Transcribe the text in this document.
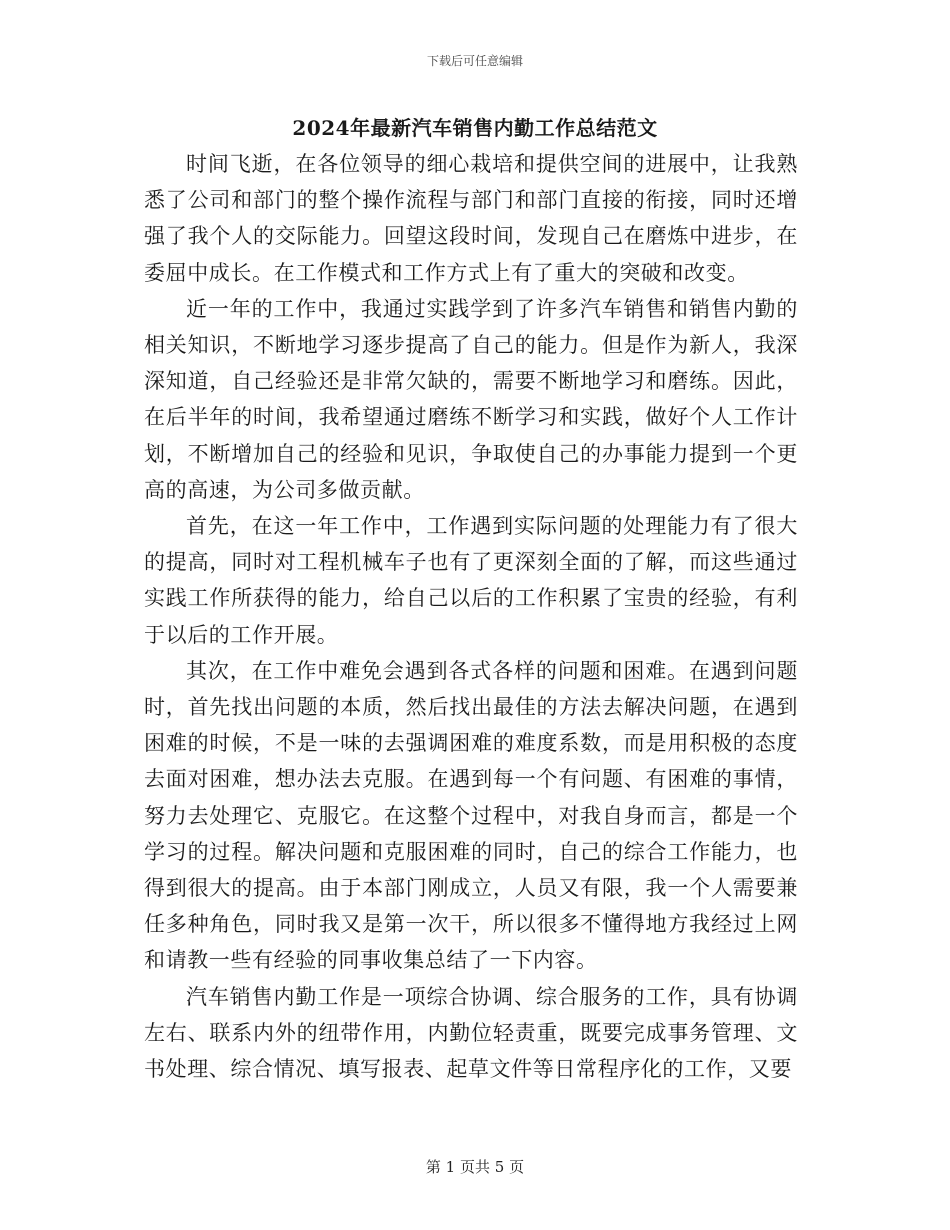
下载后可任意编辑
2024年最新汽车销售内勤工作总结范文

时间飞逝，在各位领导的细心栽培和提供空间的进展中，让我熟悉了公司和部门的整个操作流程与部门和部门直接的衔接，同时还增强了我个人的交际能力。回望这段时间，发现自己在磨炼中进步，在委屈中成长。在工作模式和工作方式上有了重大的突破和改变。

近一年的工作中，我通过实践学到了许多汽车销售和销售内勤的相关知识，不断地学习逐步提高了自己的能力。但是作为新人，我深深知道，自己经验还是非常欠缺的，需要不断地学习和磨练。因此，在后半年的时间，我希望通过磨练不断学习和实践，做好个人工作计划，不断增加自己的经验和见识，争取使自己的办事能力提到一个更高的高速，为公司多做贡献。

首先，在这一年工作中，工作遇到实际问题的处理能力有了很大的提高，同时对工程机械车子也有了更深刻全面的了解，而这些通过实践工作所获得的能力，给自己以后的工作积累了宝贵的经验，有利于以后的工作开展。

其次，在工作中难免会遇到各式各样的问题和困难。在遇到问题时，首先找出问题的本质，然后找出最佳的方法去解决问题，在遇到困难的时候，不是一味的去强调困难的难度系数，而是用积极的态度去面对困难，想办法去克服。在遇到每一个有问题、有困难的事情，努力去处理它、克服它。在这整个过程中，对我自身而言，都是一个学习的过程。解决问题和克服困难的同时，自己的综合工作能力，也得到很大的提高。由于本部门刚成立，人员又有限，我一个人需要兼任多种角色，同时我又是第一次干，所以很多不懂得地方我经过上网和请教一些有经验的同事收集总结了一下内容。

汽车销售内勤工作是一项综合协调、综合服务的工作，具有协调左右、联系内外的纽带作用，内勤位轻责重，既要完成事务管理、文书处理、综合情况、填写报表、起草文件等日常程序化的工作，又要

第 1 页共 5 页
